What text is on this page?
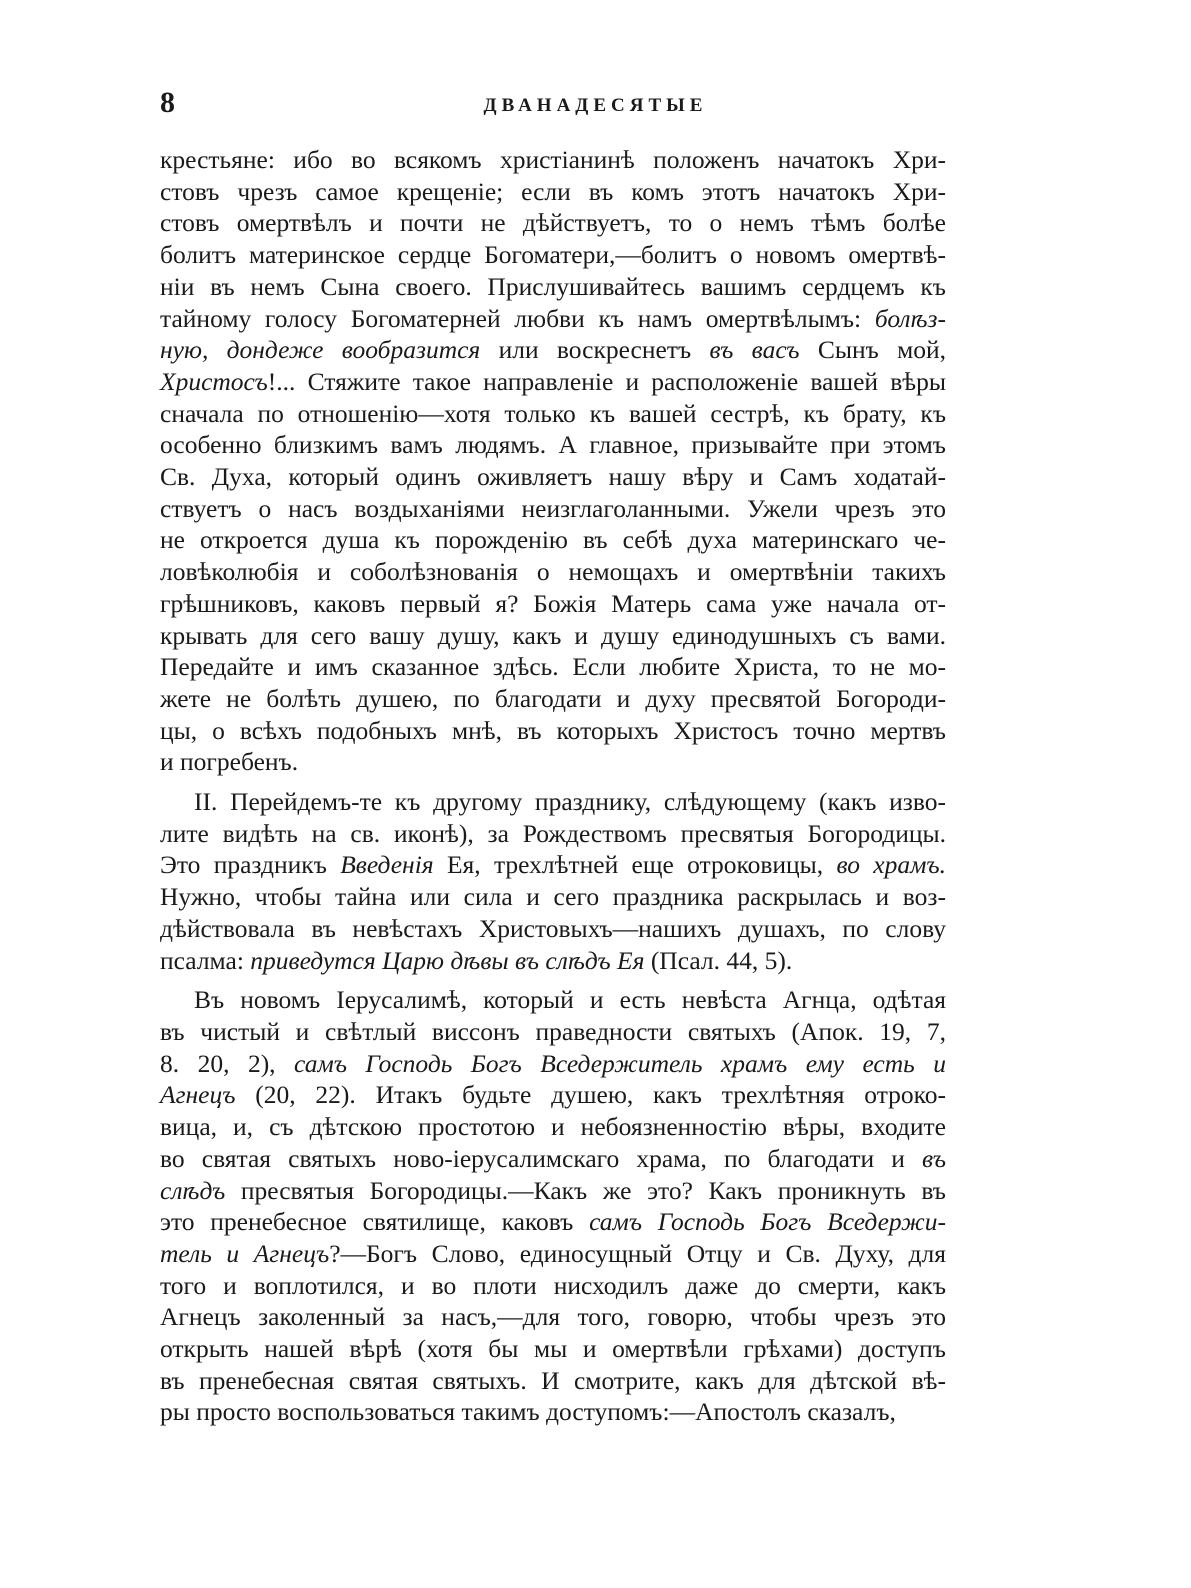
8	ДВАНАДЕСЯТЫЕ
крестьяне: ибо во всякомъ христіанинѣ положенъ начатокъ Хри-
стовъ чрезъ самое крещеніе; если въ комъ этотъ начатокъ Хри-
стовъ омертвѣлъ и почти не дѣйствуетъ, то о немъ тѣмъ болѣе
болитъ материнское сердце Богоматери,—болитъ о новомъ омертвѣ-
ніи въ немъ Сына своего. Прислушивайтесь вашимъ сердцемъ къ
тайному голосу Богоматерней любви къ намъ омертвѣлымъ: болѣз-
ную, дондеже вообразится или воскреснетъ въ васъ Сынъ мой,
Христосъ!... Стяжите такое направленіе и расположеніе вашей вѣры
сначала по отношенію—хотя только къ вашей сестрѣ, къ брату, къ
особенно близкимъ вамъ людямъ. А главное, призывайте при этомъ
Св. Духа, который одинъ оживляетъ нашу вѣру и Самъ ходатай-
ствуетъ о насъ воздыханіями неизглаголанными. Ужели чрезъ это
не откроется душа къ порожденію въ себѣ духа материнскаго че-
ловѣколюбія и соболѣзнованія о немощахъ и омертвѣніи такихъ
грѣшниковъ, каковъ первый я? Божія Матерь сама уже начала от-
крывать для сего вашу душу, какъ и душу единодушныхъ съ вами.
Передайте и имъ сказанное здѣсь. Если любите Христа, то не мо-
жете не болѣть душею, по благодати и духу пресвятой Богороди-
цы, о всѣхъ подобныхъ мнѣ, въ которыхъ Христосъ точно мертвъ
и погребенъ.
II. Перейдемъ-те къ другому празднику, слѣдующему (какъ изво-
лите видѣть на св. иконѣ), за Рождествомъ пресвятыя Богородицы.
Это праздникъ Введенія Ея, трехлѣтней еще отроковицы, во храмъ.
Нужно, чтобы тайна или сила и сего праздника раскрылась и воз-
дѣйствовала въ невѣстахъ Христовыхъ—нашихъ душахъ, по слову
псалма: приведутся Царю дѣвы въ слѣдъ Ея (Псал. 44, 5).
Въ новомъ Іерусалимѣ, который и есть невѣста Агнца, одѣтая
въ чистый и свѣтлый виссонъ праведности святыхъ (Апок. 19, 7,
8. 20, 2), самъ Господь Богъ Вседержитель храмъ ему есть и
Агнецъ (20, 22). Итакъ будьте душею, какъ трехлѣтняя отроко-
вица, и, съ дѣтскою простотою и небоязненностію вѣры, входите
во святая святыхъ ново-іерусалимскаго храма, по благодати и въ
слѣдъ пресвятыя Богородицы.—Какъ же это? Какъ проникнуть въ
это пренебесное святилище, каковъ самъ Господь Богъ Вседержи-
тель и Агнецъ?—Богъ Слово, единосущный Отцу и Св. Духу, для
того и воплотился, и во плоти нисходилъ даже до смерти, какъ
Агнецъ заколенный за насъ,—для того, говорю, чтобы чрезъ это
открыть нашей вѣрѣ (хотя бы мы и омертвѣли грѣхами) доступъ
въ пренебесная святая святыхъ. И смотрите, какъ для дѣтской вѣ-
ры просто воспользоваться такимъ доступомъ:—Апостолъ сказалъ,
